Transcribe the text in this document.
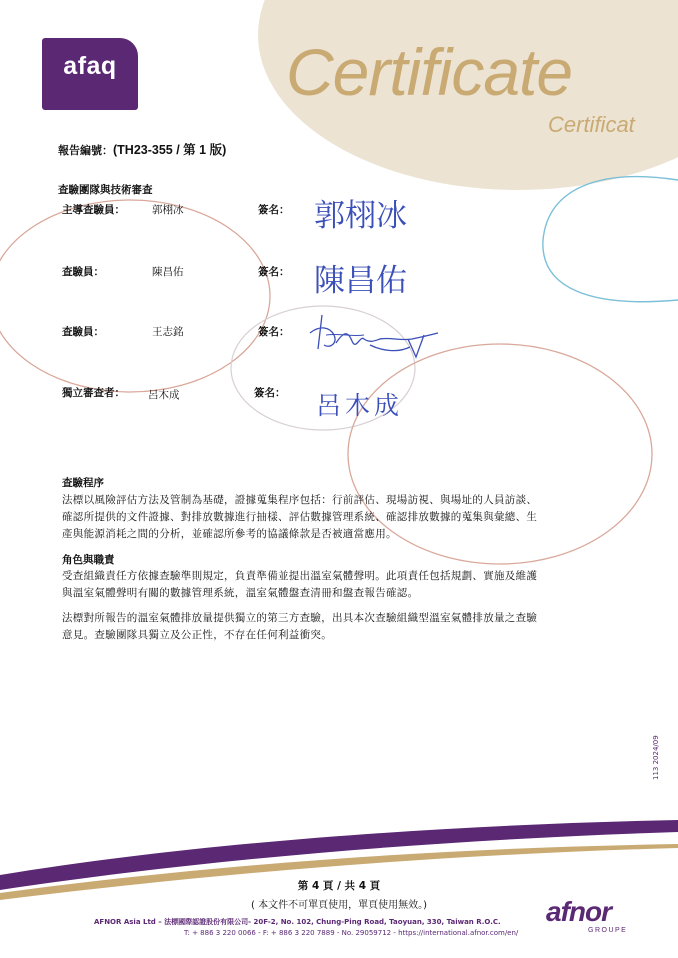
afaq	Certificate
Certificat
報告編號：(TH23-355 / 第 1 版)
查驗團隊與技術審查
主導查驗員：	郭栩冰	簽名： 郭栩冰
查驗員：	陳昌佑	簽名： 陳昌佑
查驗員：	王志銘	簽名：
獨立審查者： 呂木成	簽名： 呂木成
查驗程序
法標以風險評估方法及管制為基礎，證據蒐集程序包括：行前評估、現場訪視、與場址的人員訪談、
確認所提供的文件證據、對排放數據進行抽樣、評估數據管理系統、確認排放數據的蒐集與彙總、生
產與能源消耗之間的分析，並確認所參考的協議條款是否被適當應用。
角色與職責
受查組織責任方依據查驗準則規定，負責準備並提出溫室氣體聲明。此項責任包括規劃、實施及維護
與溫室氣體聲明有關的數據管理系統，溫室氣體盤查清冊和盤查報告確認。
法標對所報告的溫室氣體排放量提供獨立的第三方查驗，出具本次查驗組織型溫室氣體排放量之查驗
意見。查驗團隊具獨立及公正性，不存在任何利益衝突。
113 2024/09
第 4 頁 / 共 4 頁
( 本文件不可單頁使用，單頁使用無效。)
AFNOR Asia Ltd – 法標國際認證股份有限公司- 20F-2, No. 102, Chung-Ping Road, Taoyuan, 330, Taiwan R.O.C.
T: + 886 3 220 0066 - F: + 886 3 220 7889 - No. 29059712 - https://international.afnor.com/en/
afnor
GROUPE
